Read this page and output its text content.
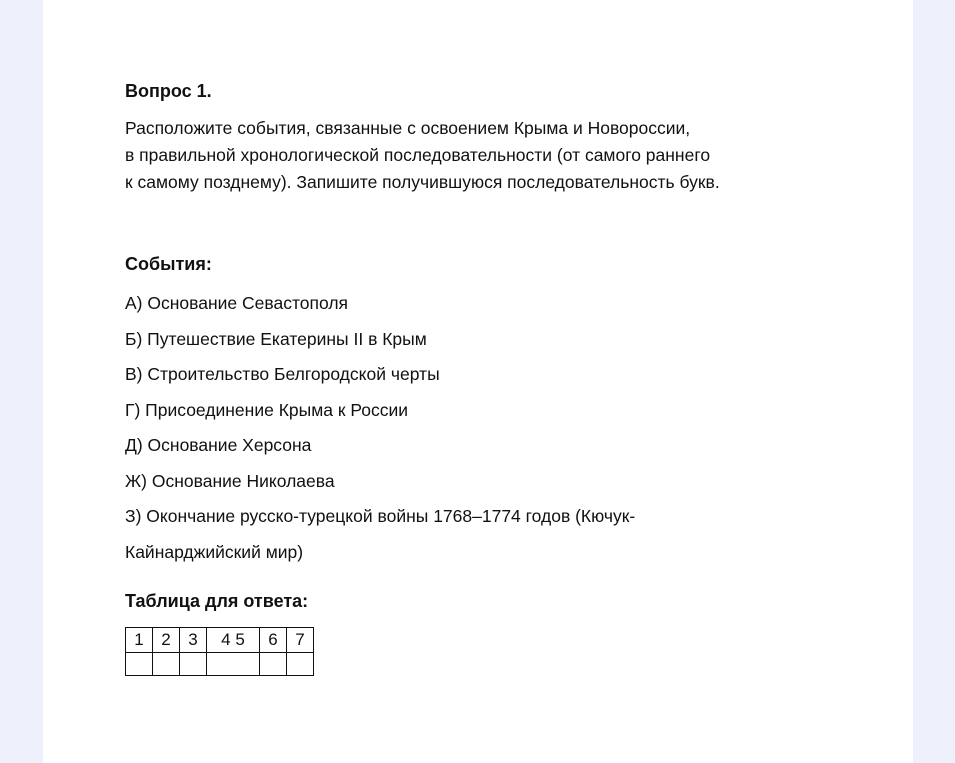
Вопрос 1.

Расположите события, связанные с освоением Крыма и Новороссии,
в правильной хронологической последовательности (от самого раннего
к самому позднему). Запишите получившуюся последовательность букв.

События:

А) Основание Севастополя
Б) Путешествие Екатерины II в Крым
В) Строительство Белгородской черты
Г) Присоединение Крыма к России
Д) Основание Херсона
Ж) Основание Николаева
З) Окончание русско-турецкой войны 1768–1774 годов (Кючук-
Кайнарджийский мир)

Таблица для ответа:

1	2	3	4 5	6	7
